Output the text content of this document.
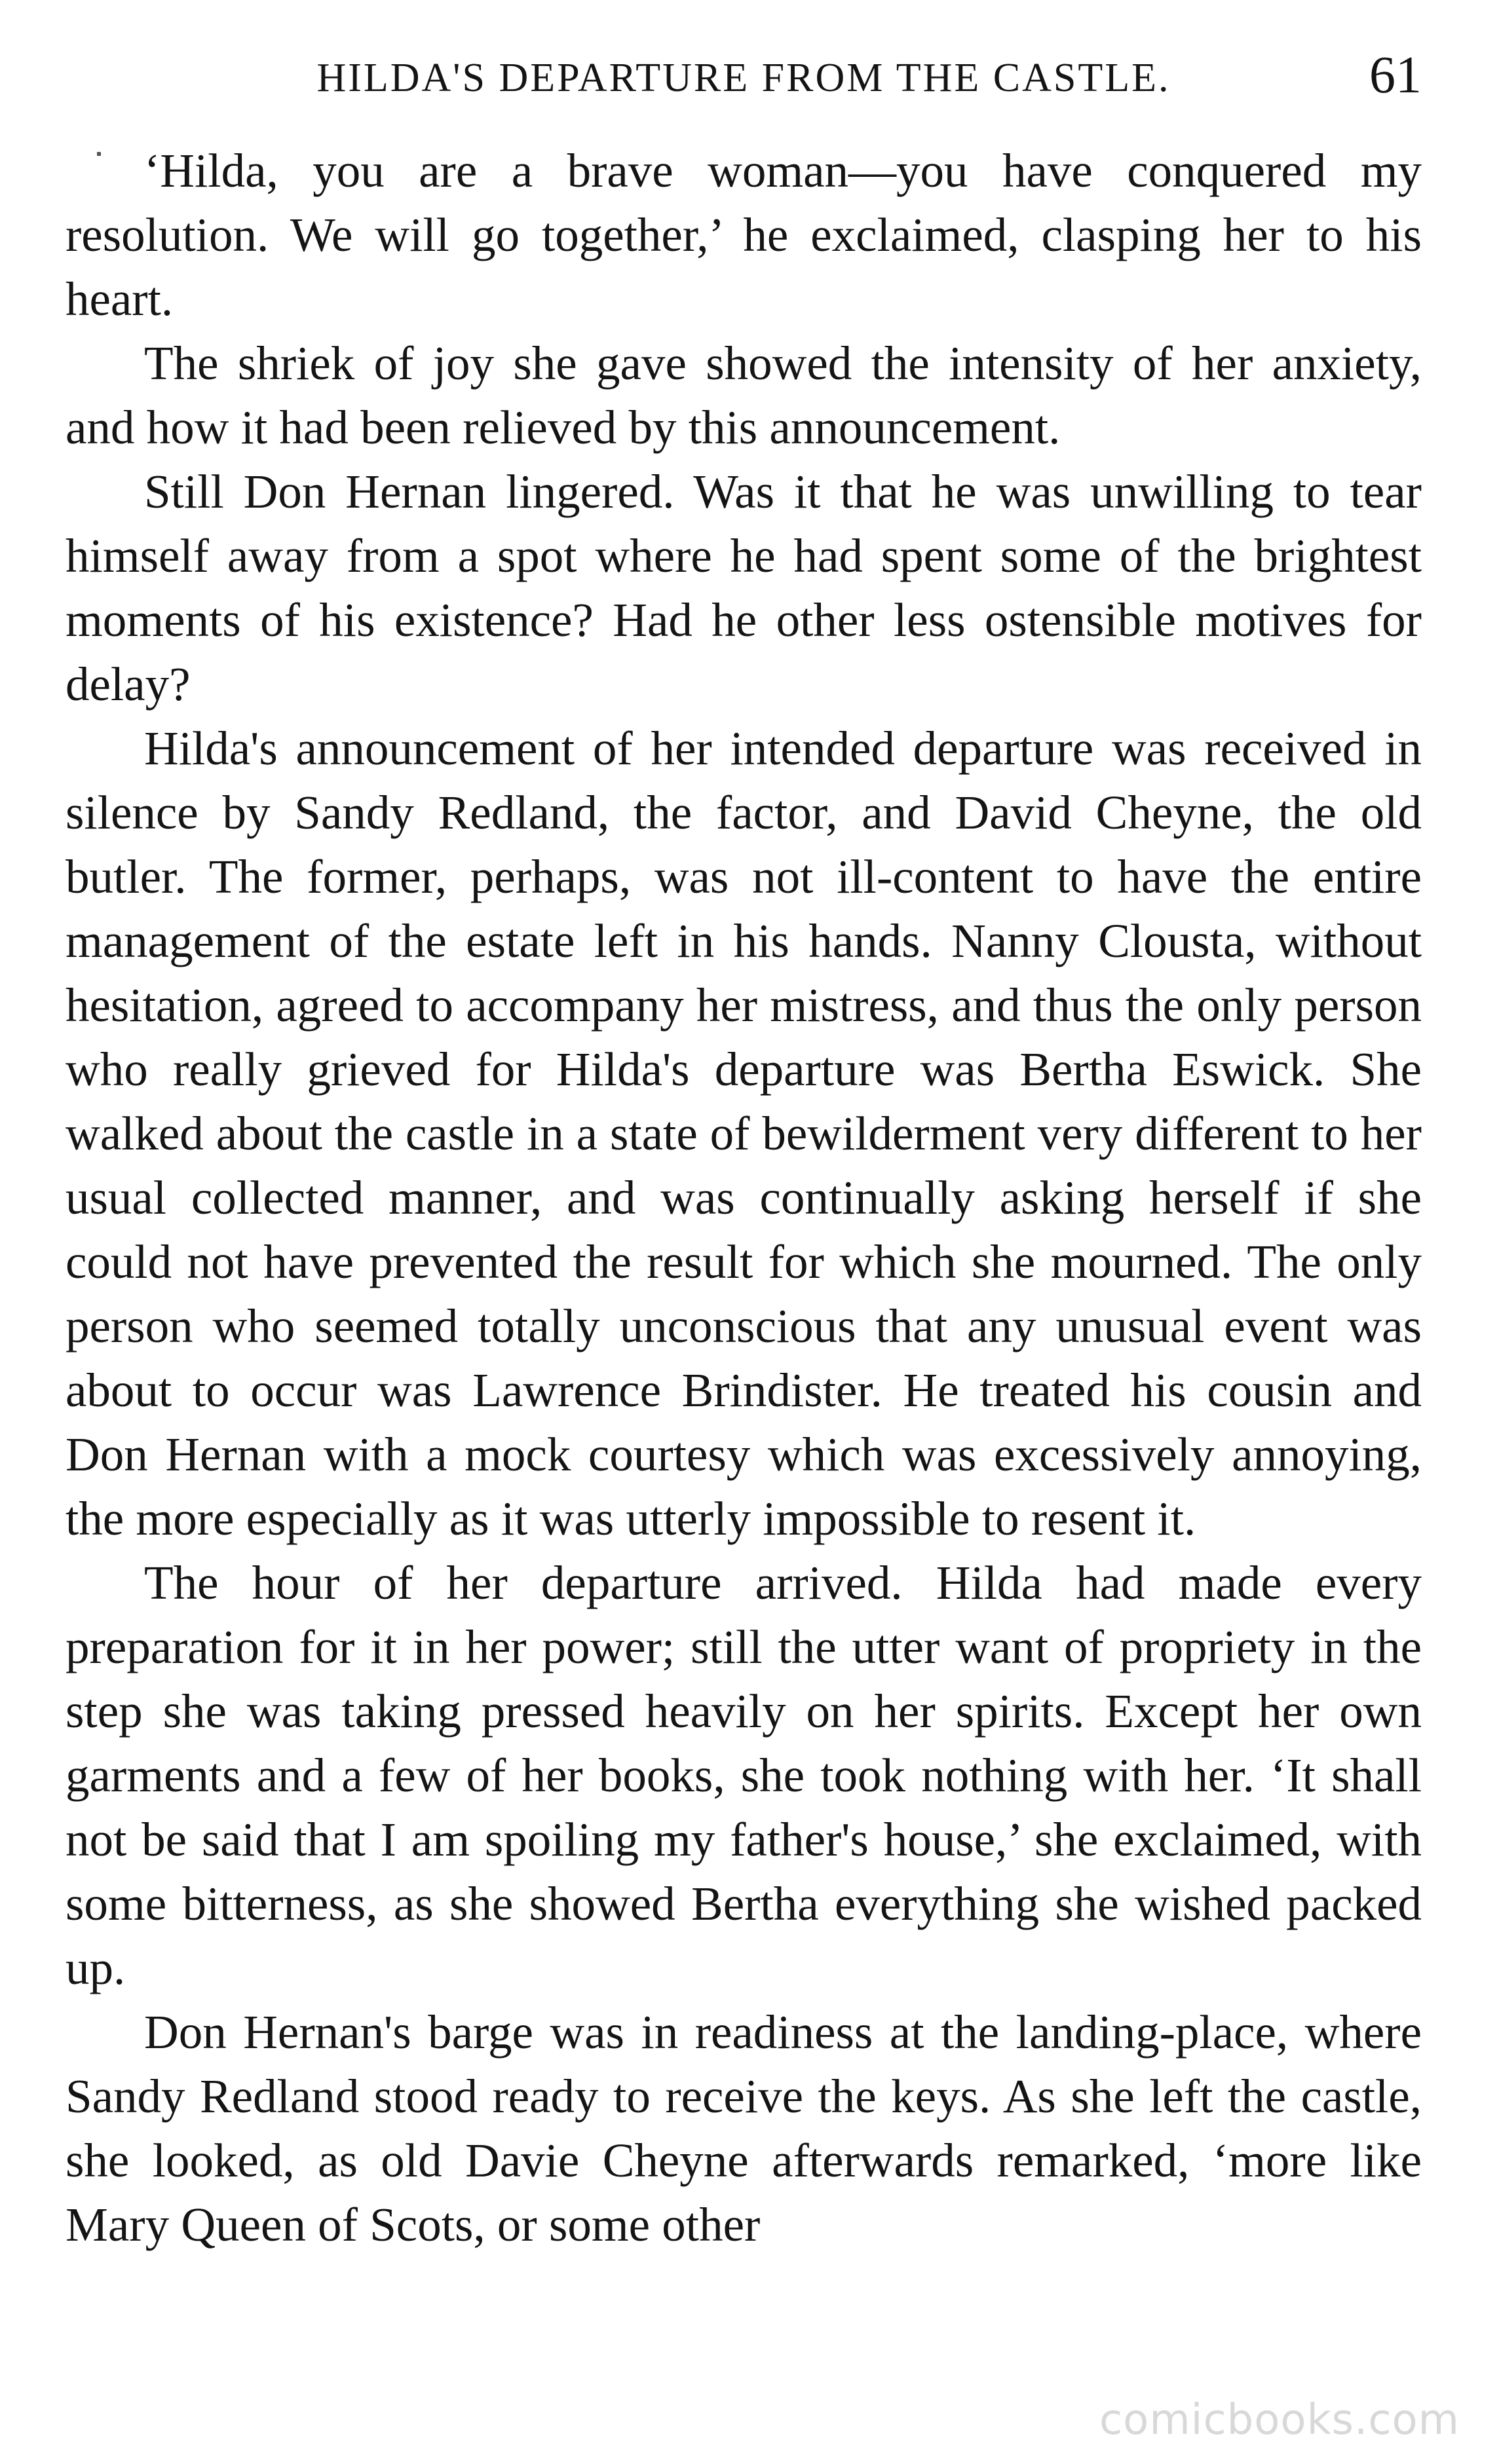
HILDA'S DEPARTURE FROM THE CASTLE.	61

‘Hilda, you are a brave woman—you have conquered my resolution. We will go together,’ he exclaimed, clasping her to his heart.

The shriek of joy she gave showed the intensity of her anxiety, and how it had been relieved by this announcement.

Still Don Hernan lingered. Was it that he was unwilling to tear himself away from a spot where he had spent some of the brightest moments of his existence? Had he other less ostensible motives for delay?

Hilda's announcement of her intended departure was received in silence by Sandy Redland, the factor, and David Cheyne, the old butler. The former, perhaps, was not ill-content to have the entire management of the estate left in his hands. Nanny Clousta, without hesitation, agreed to accompany her mistress, and thus the only person who really grieved for Hilda's departure was Bertha Eswick. She walked about the castle in a state of bewilderment very different to her usual collected manner, and was continually asking herself if she could not have prevented the result for which she mourned. The only person who seemed totally unconscious that any unusual event was about to occur was Lawrence Brindister. He treated his cousin and Don Hernan with a mock courtesy which was excessively annoying, the more especially as it was utterly impossible to resent it.

The hour of her departure arrived. Hilda had made every preparation for it in her power; still the utter want of propriety in the step she was taking pressed heavily on her spirits. Except her own garments and a few of her books, she took nothing with her. ‘It shall not be said that I am spoiling my father's house,’ she exclaimed, with some bitterness, as she showed Bertha everything she wished packed up.

Don Hernan's barge was in readiness at the landing-place, where Sandy Redland stood ready to receive the keys. As she left the castle, she looked, as old Davie Cheyne afterwards remarked, ‘more like Mary Queen of Scots, or some other

comicbooks.com
